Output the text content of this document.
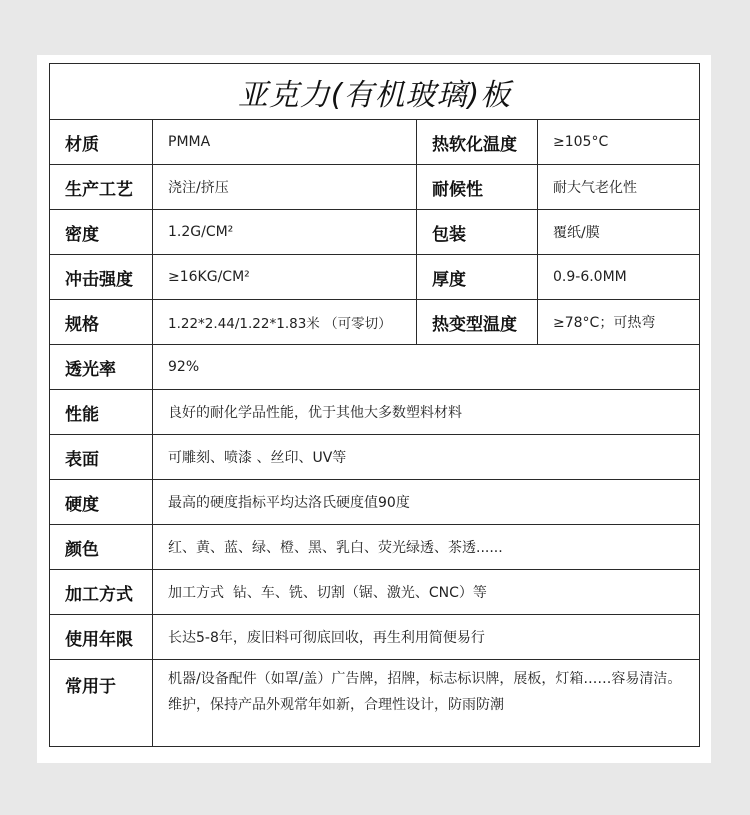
亚克力(有机玻璃)板			
材质	PMMA	热软化温度	≥105°C
生产工艺	浇注/挤压	耐候性	耐大气老化性
密度	1.2G/CM²	包装	覆纸/膜
冲击强度	≥16KG/CM²	厚度	0.9-6.0MM
规格	1.22*2.44/1.22*1.83米 （可零切）	热变型温度	≥78°C；可热弯
透光率	92%		
性能	良好的耐化学品性能，优于其他大多数塑料材料		
表面	可雕刻、喷漆 、丝印、UV等		
硬度	最高的硬度指标平均达洛氏硬度值90度		
颜色	红、黄、蓝、绿、橙、黑、乳白、荧光绿透、茶透......		
加工方式	加工方式  钻、车、铣、切割（锯、激光、CNC）等		
使用年限	长达5-8年，废旧料可彻底回收，再生利用简便易行		
常用于	机器/设备配件（如罩/盖）广告牌，招牌，标志标识牌，展板，灯箱……容易清洁。维护，保持产品外观常年如新，合理性设计，防雨防潮		
